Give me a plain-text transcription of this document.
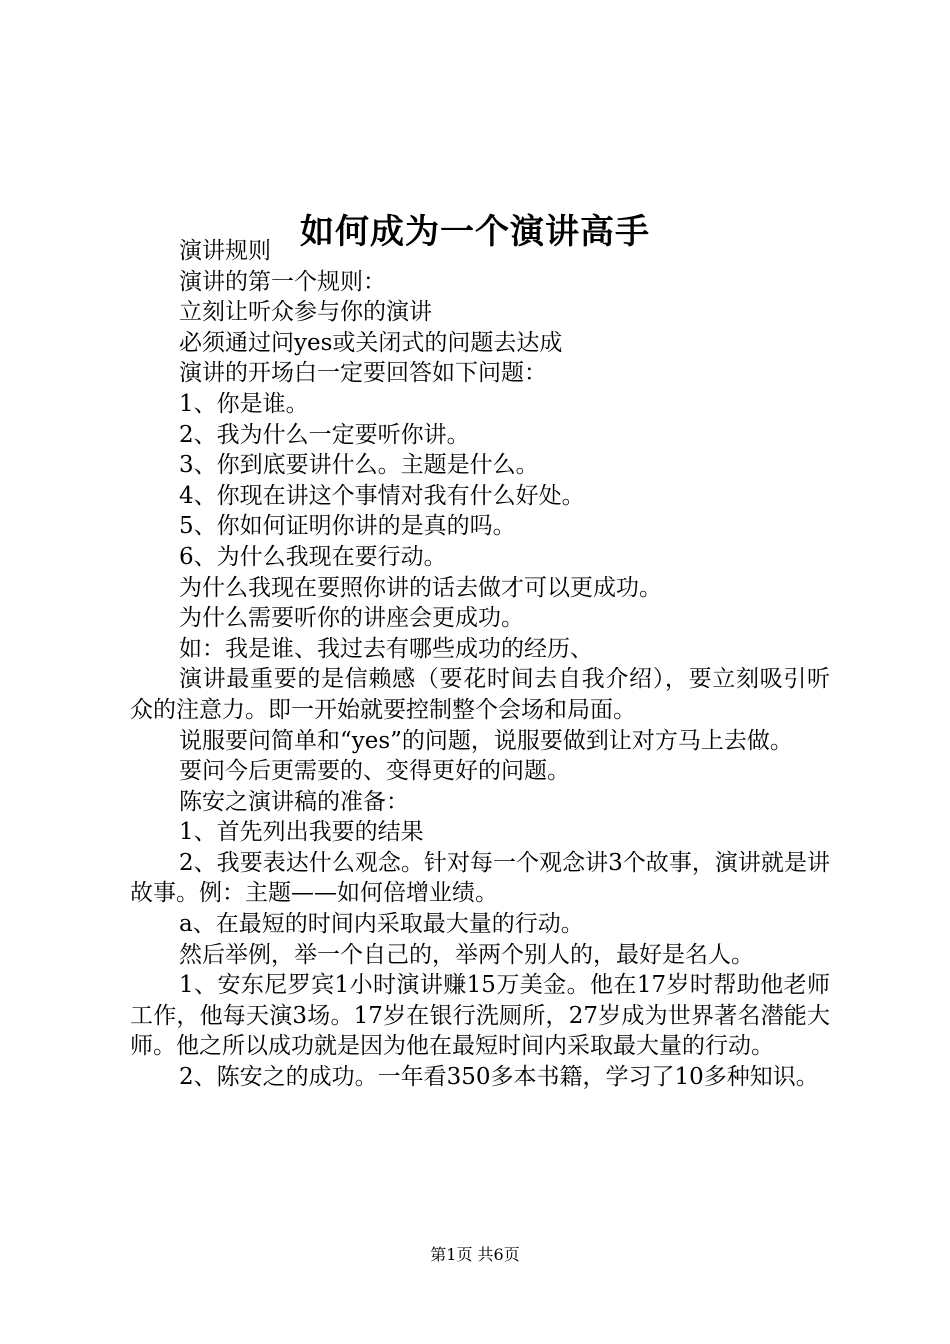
如何成为一个演讲高手

演讲规则

演讲的第一个规则：

立刻让听众参与你的演讲

必须通过问yes或关闭式的问题去达成

演讲的开场白一定要回答如下问题：

1、你是谁。

2、我为什么一定要听你讲。

3、你到底要讲什么。主题是什么。

4、你现在讲这个事情对我有什么好处。

5、你如何证明你讲的是真的吗。

6、为什么我现在要行动。

为什么我现在要照你讲的话去做才可以更成功。

为什么需要听你的讲座会更成功。

如：我是谁、我过去有哪些成功的经历、

演讲最重要的是信赖感（要花时间去自我介绍），要立刻吸引听众的注意力。即一开始就要控制整个会场和局面。

说服要问简单和“yes”的问题，说服要做到让对方马上去做。

要问今后更需要的、变得更好的问题。

陈安之演讲稿的准备：

1、首先列出我要的结果

2、我要表达什么观念。针对每一个观念讲3个故事，演讲就是讲故事。例：主题——如何倍增业绩。

a、在最短的时间内采取最大量的行动。

然后举例，举一个自己的，举两个别人的，最好是名人。

1、安东尼罗宾1小时演讲赚15万美金。他在17岁时帮助他老师工作，他每天演3场。17岁在银行洗厕所，27岁成为世界著名潜能大师。他之所以成功就是因为他在最短时间内采取最大量的行动。

2、陈安之的成功。一年看350多本书籍，学习了10多种知识。

第1页 共6页
